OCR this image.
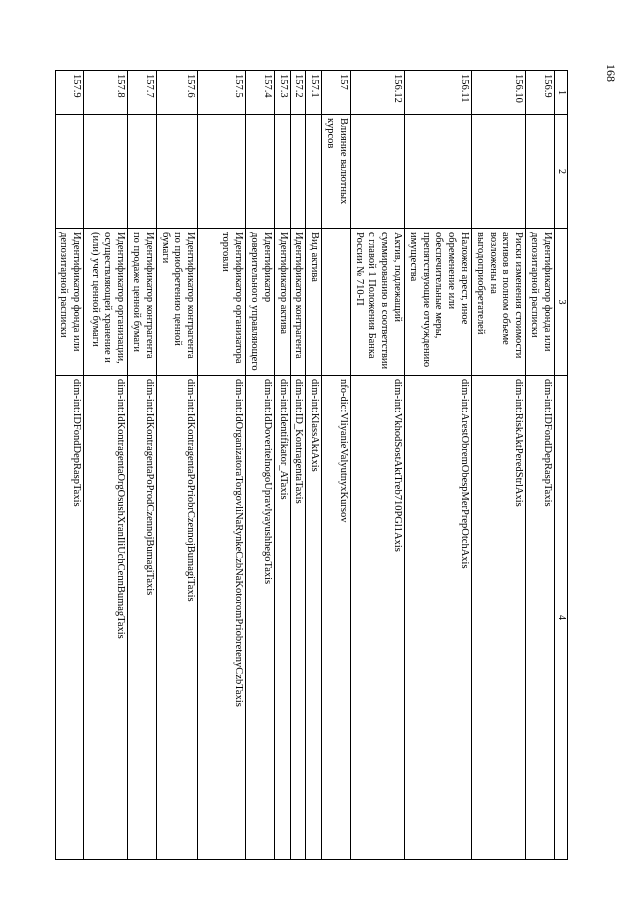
168
1	2	3	4
156.9		Идентификатор фонда или депозитарной расписки	dim-int:IDFondDepRaspTaxis
156.10		Риски изменения стоимости активов в полном объеме возложены на выгодоприобретателей	dim-int:RiskAktPeredStrlAxis
156.11		Наложен арест, иное обременение или обеспечительные меры, препятствующие отчуждению имущества	dim-int:ArestObremObespMerPrepOtchAxis
156.12		Актив, подлежащий суммированию в соответствии с главой 1 Положения Банка России № 710-П	dim-int:VkhodSostAktTreb710PGl1Axis
157	Влияние валютных курсов		nfo-dic:VliyanieValyutnyxKursov
157.1		Вид актива	dim-int:KlassAktAxis
157.2		Идентификатор контрагента	dim-int:ID_KontragentaTaxis
157.3		Идентификатор актива	dim-int:Identifikator_ATaxis
157.4		Идентификатор доверительного управляющего	dim-int:IdDoveritelnogoUpravlyayushhegoTaxis
157.5		Идентификатор организатора торговли	dim-int:IdOrganizatoraTorgovliNaRynkeCzbNaKotoromPriobretenyCzbTaxis
157.6		Идентификатор контрагента по приобретению ценной бумаги	dim-int:IdKontragentaPoPriobrCzennojBumagiTaxis
157.7		Идентификатор контрагента по продаже ценной бумаги	dim-int:IdKontragentaPoProdCzennojBumagiTaxis
157.8		Идентификатор организации, осуществляющей хранение и (или) учет ценной бумаги	dim-int:IdKontragentaOrgOsushXranIliUchCennBumagTaxis
157.9		Идентификатор фонда или депозитарной расписки	dim-int:IDFondDepRaspTaxis
